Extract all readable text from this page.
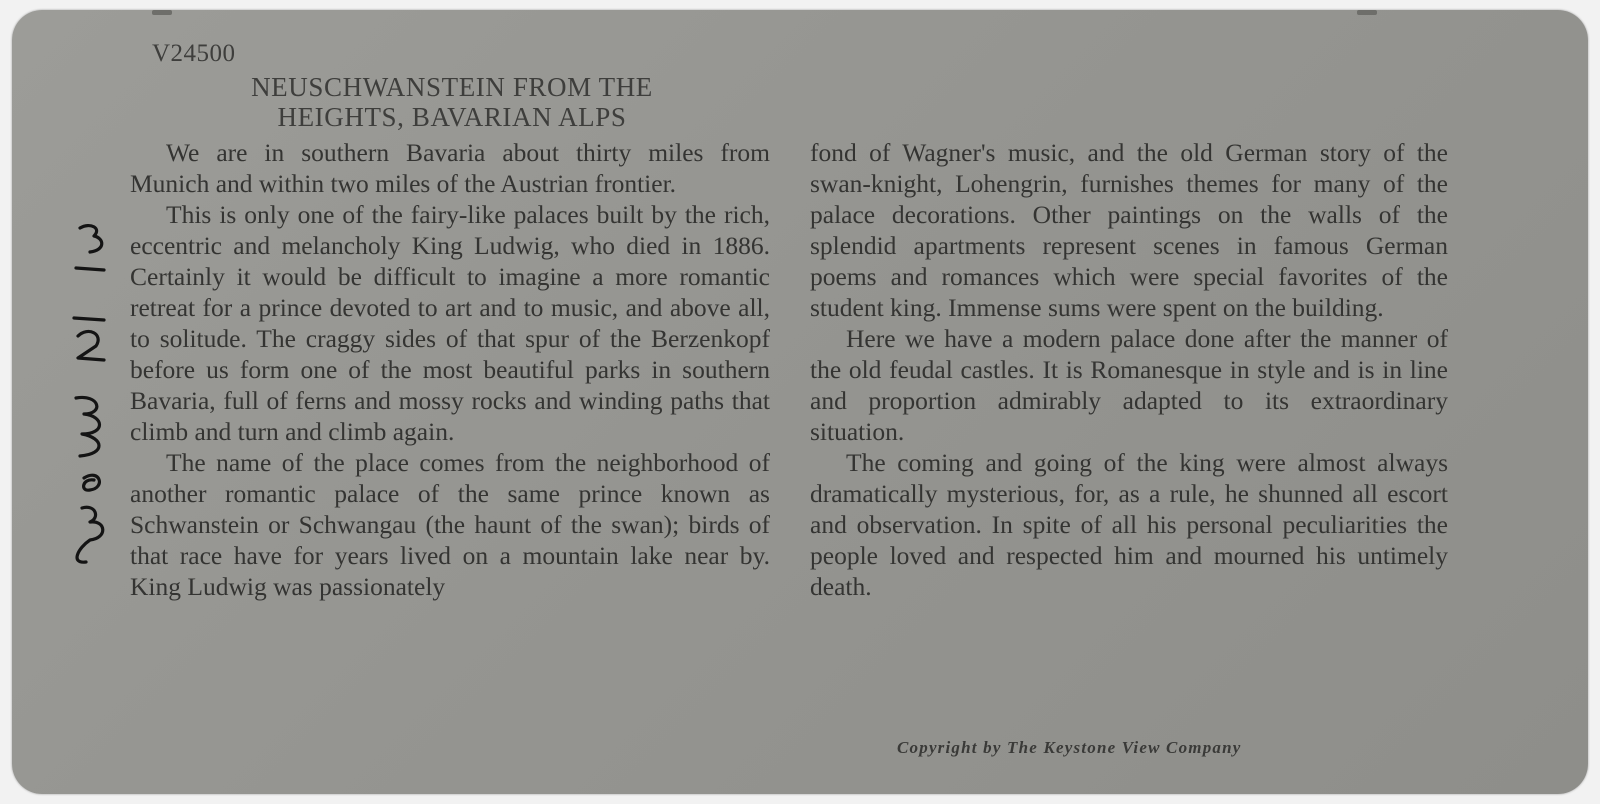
V24500
NEUSCHWANSTEIN FROM THE
HEIGHTS, BAVARIAN ALPS

We are in southern Bavaria about thirty miles from Munich and within two miles of the Austrian frontier.

This is only one of the fairy-like palaces built by the rich, eccentric and melancholy King Ludwig, who died in 1886. Certainly it would be difficult to imagine a more romantic retreat for a prince devoted to art and to music, and above all, to solitude. The craggy sides of that spur of the Berzenkopf before us form one of the most beautiful parks in southern Bavaria, full of ferns and mossy rocks and winding paths that climb and turn and climb again.

The name of the place comes from the neighborhood of another romantic palace of the same prince known as Schwanstein or Schwangau (the haunt of the swan); birds of that race have for years lived on a mountain lake near by. King Ludwig was passionately

fond of Wagner's music, and the old German story of the swan-knight, Lohengrin, furnishes themes for many of the palace decorations. Other paintings on the walls of the splendid apartments represent scenes in famous German poems and romances which were special favorites of the student king. Immense sums were spent on the building.

Here we have a modern palace done after the manner of the old feudal castles. It is Romanesque in style and is in line and proportion admirably adapted to its extraordinary situation.

The coming and going of the king were almost always dramatically mysterious, for, as a rule, he shunned all escort and observation. In spite of all his personal peculiarities the people loved and respected him and mourned his untimely death.

Copyright by The Keystone View Company
